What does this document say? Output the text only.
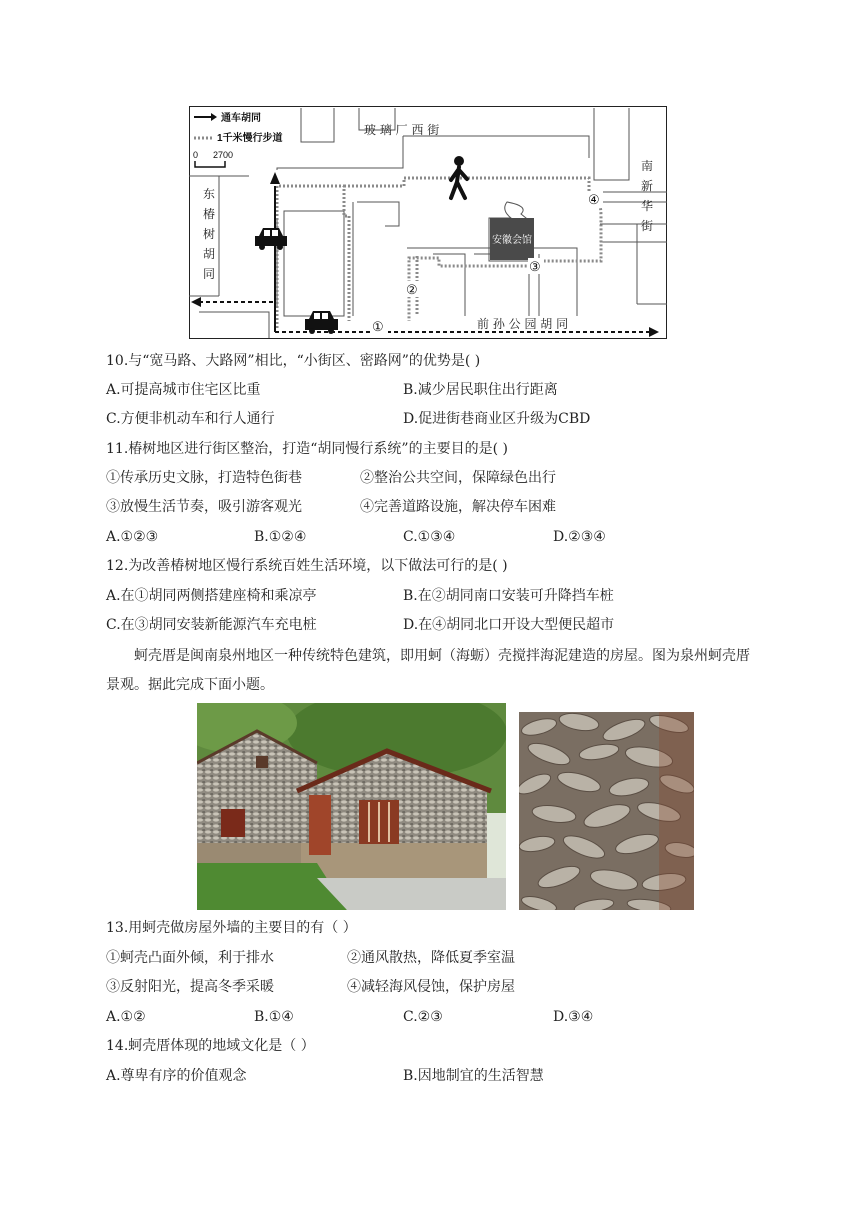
通车胡同
1千米慢行步道
0 2700
玻 璃 厂 西 街
东
椿
树
胡
同
南
新
华
街
前 孙 公 园 胡 同
安徽会馆
①
②
③
④
10.与“宽马路、大路网”相比，“小街区、密路网”的优势是( )
A.可提高城市住宅区比重	B.减少居民职住出行距离
C.方便非机动车和行人通行	D.促进街巷商业区升级为CBD
11.椿树地区进行街区整治，打造“胡同慢行系统”的主要目的是( )
①传承历史文脉，打造特色街巷	②整治公共空间，保障绿色出行
③放慢生活节奏，吸引游客观光	④完善道路设施，解决停车困难
A.①②③	B.①②④	C.①③④	D.②③④
12.为改善椿树地区慢行系统百姓生活环境，以下做法可行的是( )
A.在①胡同两侧搭建座椅和乘凉亭	B.在②胡同南口安装可升降挡车桩
C.在③胡同安装新能源汽车充电桩	D.在④胡同北口开设大型便民超市
蚵壳厝是闽南泉州地区一种传统特色建筑，即用蚵（海蛎）壳搅拌海泥建造的房屋。图为泉州蚵壳厝景观。据此完成下面小题。
13.用蚵壳做房屋外墙的主要目的有（ ）
①蚵壳凸面外倾，利于排水	②通风散热，降低夏季室温
③反射阳光，提高冬季采暖	④减轻海风侵蚀，保护房屋
A.①②	B.①④	C.②③	D.③④
14.蚵壳厝体现的地域文化是（ ）
A.尊卑有序的价值观念	B.因地制宜的生活智慧
